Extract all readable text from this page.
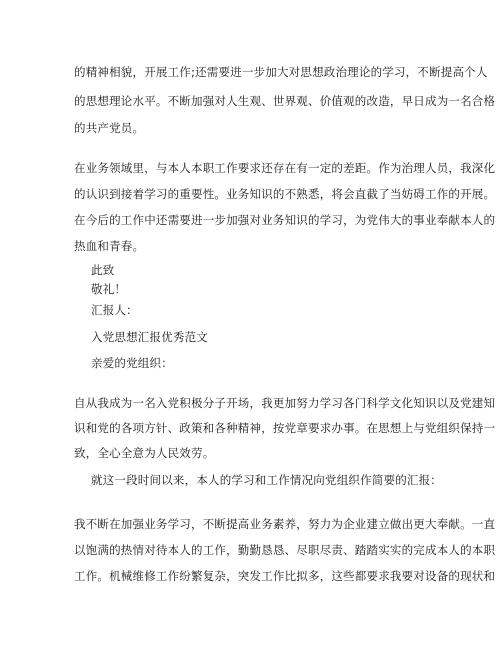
的精神相貌，开展工作;还需要进一步加大对思想政治理论的学习，不断提高个人
的思想理论水平。不断加强对人生观、世界观、价值观的改造，早日成为一名合格
的共产党员。
在业务领域里，与本人本职工作要求还存在有一定的差距。作为治理人员，我深化
的认识到接着学习的重要性。业务知识的不熟悉，将会直截了当妨碍工作的开展。
在今后的工作中还需要进一步加强对业务知识的学习，为党伟大的事业奉献本人的
热血和青春。
此致
敬礼！
汇报人：
入党思想汇报优秀范文
亲爱的党组织：
自从我成为一名入党积极分子开场，我更加努力学习各门科学文化知识以及党建知
识和党的各项方针、政策和各种精神，按党章要求办事。在思想上与党组织保持一
致，全心全意为人民效劳。
就这一段时间以来，本人的学习和工作情况向党组织作简要的汇报：
我不断在加强业务学习，不断提高业务素养，努力为企业建立做出更大奉献。一直
以饱满的热情对待本人的工作，勤勤恳恳、尽职尽责、踏踏实实的完成本人的本职
工作。机械维修工作纷繁复杂，突发工作比拟多，这些都要求我要对设备的现状和
